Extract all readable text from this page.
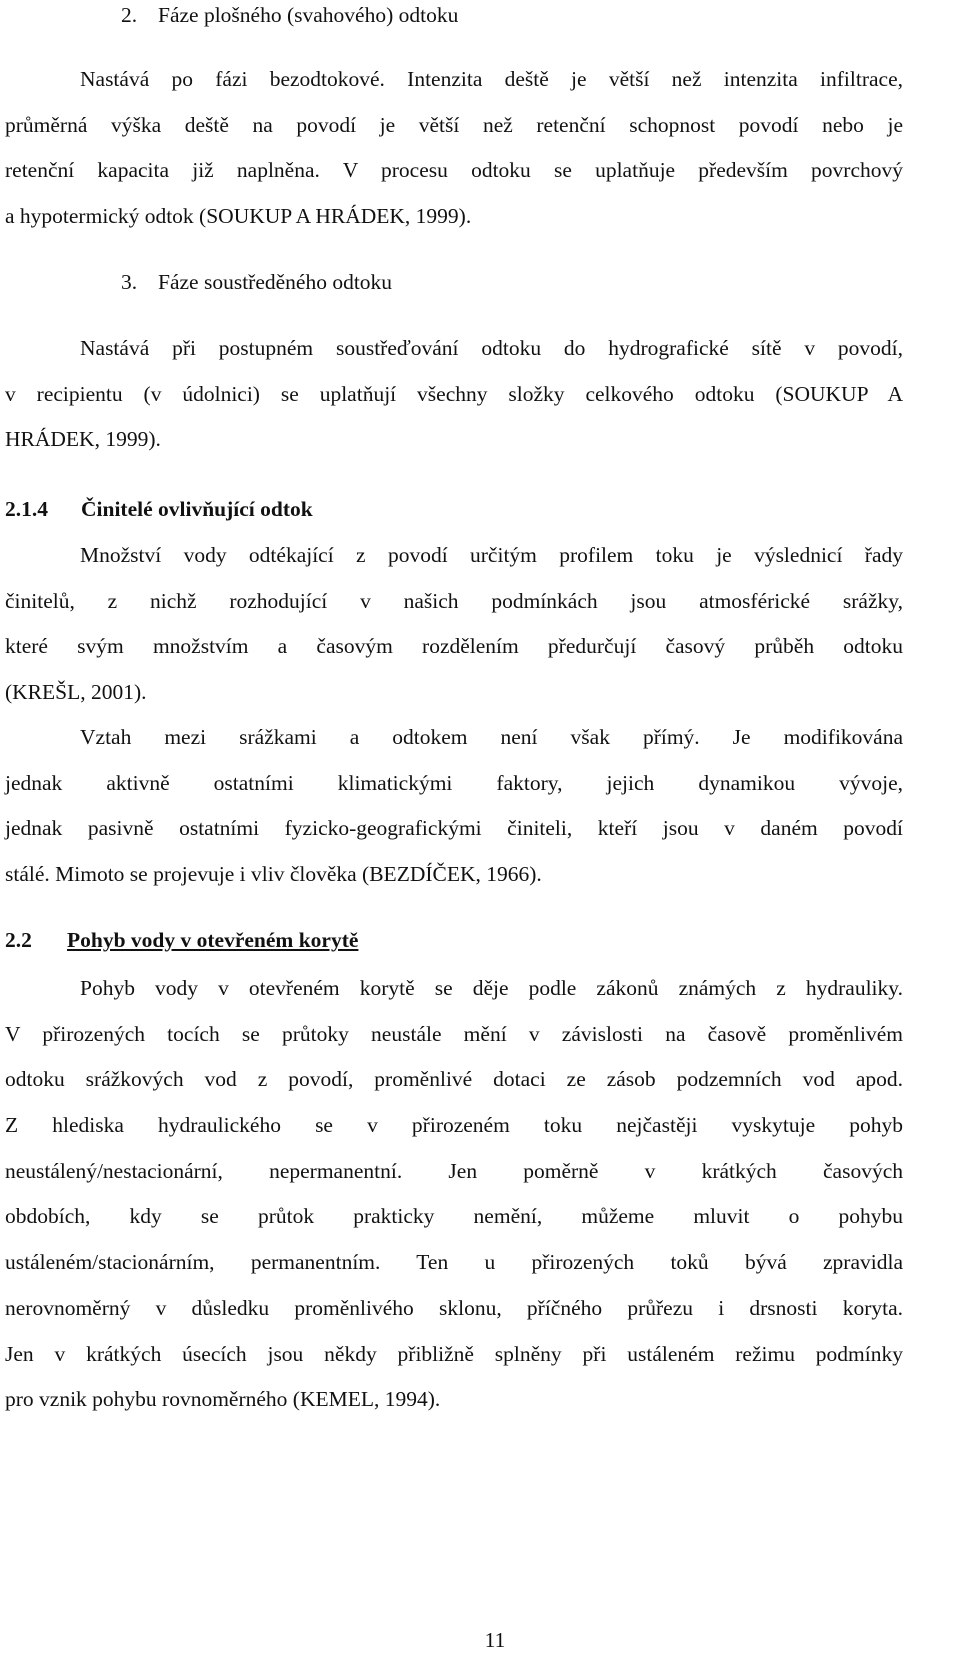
2. Fáze plošného (svahového) odtoku
Nastává po fázi bezodtokové. Intenzita deště je větší než intenzita infiltrace,
průměrná výška deště na povodí je větší než retenční schopnost povodí nebo je
retenční kapacita již naplněna. V procesu odtoku se uplatňuje především povrchový
a hypotermický odtok (SOUKUP A HRÁDEK, 1999).
3. Fáze soustředěného odtoku
Nastává při postupném soustřeďování odtoku do hydrografické sítě v povodí,
v recipientu (v údolnici) se uplatňují všechny složky celkového odtoku (SOUKUP A
HRÁDEK, 1999).
2.1.4 Činitelé ovlivňující odtok
Množství vody odtékající z povodí určitým profilem toku je výslednicí řady
činitelů, z nichž rozhodující v našich podmínkách jsou atmosférické srážky,
které svým množstvím a časovým rozdělením předurčují časový průběh odtoku
(KREŠL, 2001).
Vztah mezi srážkami a odtokem není však přímý. Je modifikována
jednak aktivně ostatními klimatickými faktory, jejich dynamikou vývoje,
jednak pasivně ostatními fyzicko-geografickými činiteli, kteří jsou v daném povodí
stálé. Mimoto se projevuje i vliv člověka (BEZDÍČEK, 1966).
2.2 Pohyb vody v otevřeném korytě
Pohyb vody v otevřeném korytě se děje podle zákonů známých z hydrauliky.
V přirozených tocích se průtoky neustále mění v závislosti na časově proměnlivém
odtoku srážkových vod z povodí, proměnlivé dotaci ze zásob podzemních vod apod.
Z hlediska hydraulického se v přirozeném toku nejčastěji vyskytuje pohyb
neustálený/nestacionární, nepermanentní. Jen poměrně v krátkých časových
obdobích, kdy se průtok prakticky nemění, můžeme mluvit o pohybu
ustáleném/stacionárním, permanentním. Ten u přirozených toků bývá zpravidla
nerovnoměrný v důsledku proměnlivého sklonu, příčného průřezu i drsnosti koryta.
Jen v krátkých úsecích jsou někdy přibližně splněny při ustáleném režimu podmínky
pro vznik pohybu rovnoměrného (KEMEL, 1994).
11
